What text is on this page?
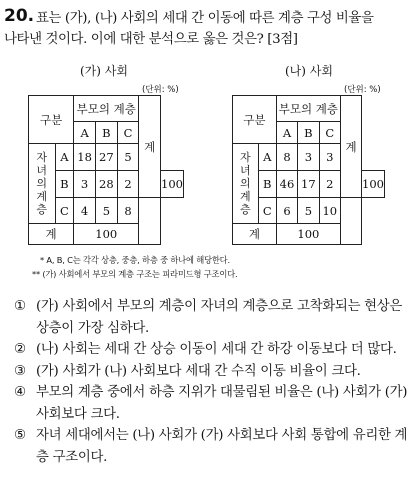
20. 표는 (가), (나) 사회의 세대 간 이동에 따른 계층 구성 비율을
나타낸 것이다. 이에 대한 분석으로 옳은 것은? [3점]
(가) 사회
(단위: %)
구분		부모의 계층			계	
		A	B	C		
자녀의 계층	A	18	27	5		
	B	3	28	2		100
	C	4	5	8		
계		100				
(나) 사회
(단위: %)
구분		부모의 계층			계	
		A	B	C		
자녀의 계층	A	8	3	3		
	B	46	17	2		100
	C	6	5	10		
계		100				
* A, B, C는 각각 상층, 중층, 하층 중 하나에 해당한다.
** (가) 사회에서 부모의 계층 구조는 피라미드형 구조이다.
① (가) 사회에서 부모의 계층이 자녀의 계층으로 고착화되는 현상은 상층이 가장 심하다.
② (나) 사회는 세대 간 상승 이동이 세대 간 하강 이동보다 더 많다.
③ (가) 사회가 (나) 사회보다 세대 간 수직 이동 비율이 크다.
④ 부모의 계층 중에서 하층 지위가 대물림된 비율은 (나) 사회가 (가) 사회보다 크다.
⑤ 자녀 세대에서는 (나) 사회가 (가) 사회보다 사회 통합에 유리한 계층 구조이다.
